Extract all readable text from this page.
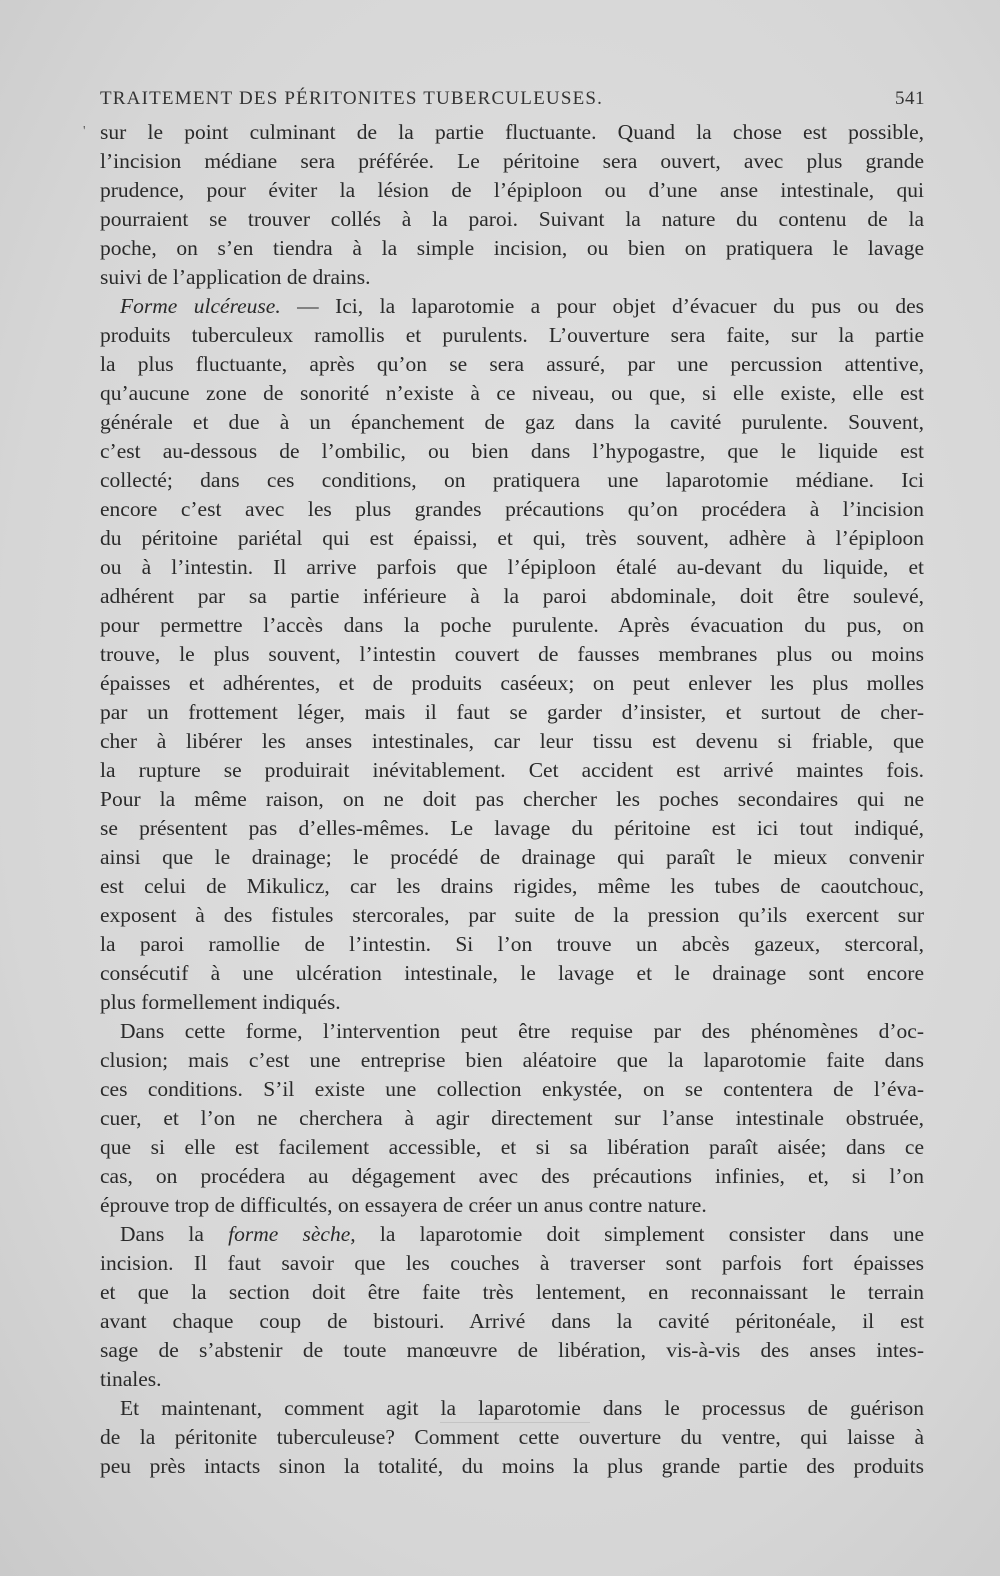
TRAITEMENT DES PÉRITONITES TUBERCULEUSES.	541
' sur le point culminant de la partie fluctuante. Quand la chose est possible,
l’incision médiane sera préférée. Le péritoine sera ouvert, avec plus grande
prudence, pour éviter la lésion de l’épiploon ou d’une anse intestinale, qui
pourraient se trouver collés à la paroi. Suivant la nature du contenu de la
poche, on s’en tiendra à la simple incision, ou bien on pratiquera le lavage
suivi de l’application de drains.
Forme ulcéreuse. — Ici, la laparotomie a pour objet d’évacuer du pus ou des
produits tuberculeux ramollis et purulents. L’ouverture sera faite, sur la partie
la plus fluctuante, après qu’on se sera assuré, par une percussion attentive,
qu’aucune zone de sonorité n’existe à ce niveau, ou que, si elle existe, elle est
générale et due à un épanchement de gaz dans la cavité purulente. Souvent,
c’est au-dessous de l’ombilic, ou bien dans l’hypogastre, que le liquide est
collecté; dans ces conditions, on pratiquera une laparotomie médiane. Ici
encore c’est avec les plus grandes précautions qu’on procédera à l’incision
du péritoine pariétal qui est épaissi, et qui, très souvent, adhère à l’épiploon
ou à l’intestin. Il arrive parfois que l’épiploon étalé au-devant du liquide, et
adhérent par sa partie inférieure à la paroi abdominale, doit être soulevé,
pour permettre l’accès dans la poche purulente. Après évacuation du pus, on
trouve, le plus souvent, l’intestin couvert de fausses membranes plus ou moins
épaisses et adhérentes, et de produits caséeux; on peut enlever les plus molles
par un frottement léger, mais il faut se garder d’insister, et surtout de cher-
cher à libérer les anses intestinales, car leur tissu est devenu si friable, que
la rupture se produirait inévitablement. Cet accident est arrivé maintes fois.
Pour la même raison, on ne doit pas chercher les poches secondaires qui ne
se présentent pas d’elles-mêmes. Le lavage du péritoine est ici tout indiqué,
ainsi que le drainage; le procédé de drainage qui paraît le mieux convenir
est celui de Mikulicz, car les drains rigides, même les tubes de caoutchouc,
exposent à des fistules stercorales, par suite de la pression qu’ils exercent sur
la paroi ramollie de l’intestin. Si l’on trouve un abcès gazeux, stercoral,
consécutif à une ulcération intestinale, le lavage et le drainage sont encore
plus formellement indiqués.
Dans cette forme, l’intervention peut être requise par des phénomènes d’oc-
clusion; mais c’est une entreprise bien aléatoire que la laparotomie faite dans
ces conditions. S’il existe une collection enkystée, on se contentera de l’éva-
cuer, et l’on ne cherchera à agir directement sur l’anse intestinale obstruée,
que si elle est facilement accessible, et si sa libération paraît aisée; dans ce
cas, on procédera au dégagement avec des précautions infinies, et, si l’on
éprouve trop de difficultés, on essayera de créer un anus contre nature.
Dans la forme sèche, la laparotomie doit simplement consister dans une
incision. Il faut savoir que les couches à traverser sont parfois fort épaisses
et que la section doit être faite très lentement, en reconnaissant le terrain
avant chaque coup de bistouri. Arrivé dans la cavité péritonéale, il est
sage de s’abstenir de toute manœuvre de libération, vis-à-vis des anses intes-
tinales.
Et maintenant, comment agit la laparotomie dans le processus de guérison
de la péritonite tuberculeuse? Comment cette ouverture du ventre, qui laisse à
peu près intacts sinon la totalité, du moins la plus grande partie des produits
